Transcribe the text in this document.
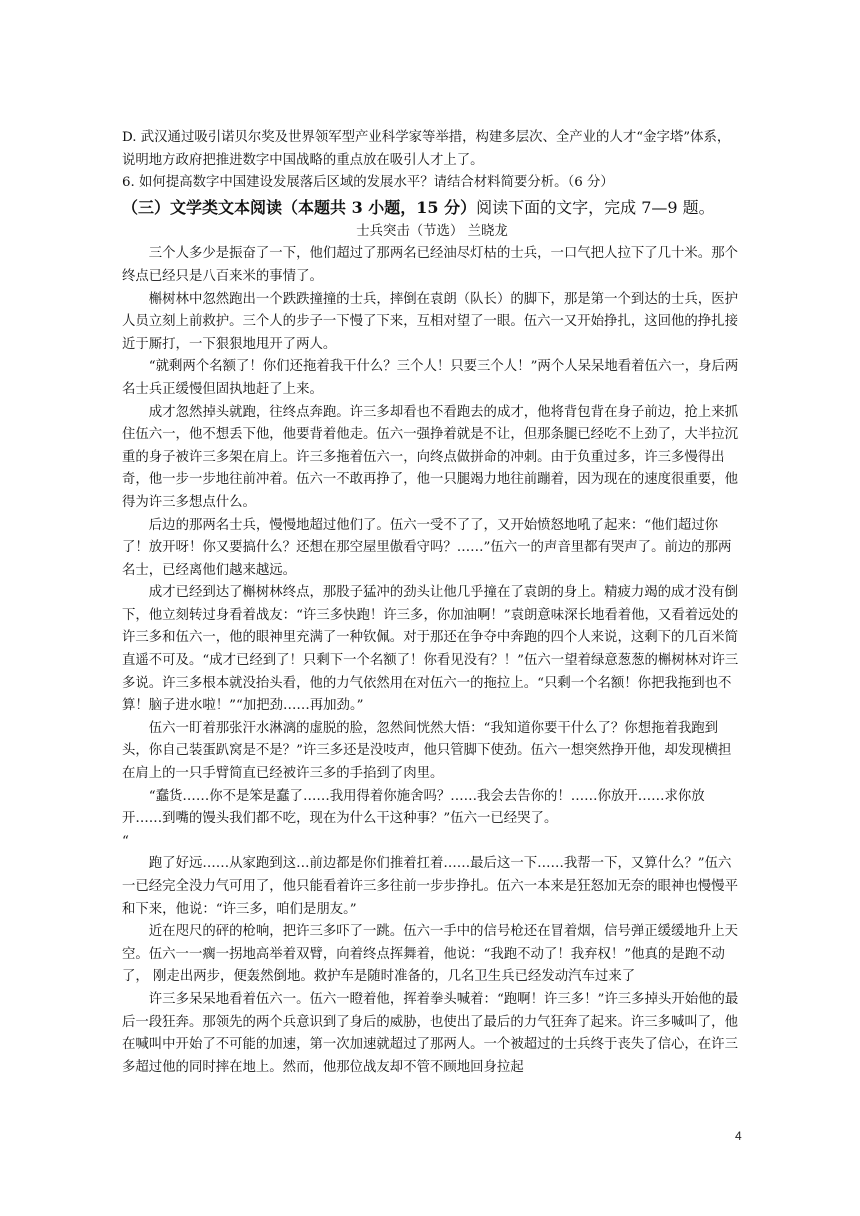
D. 武汉通过吸引诺贝尔奖及世界领军型产业科学家等举措，构建多层次、全产业的人才“金字塔”体系，说明地方政府把推进数字中国战略的重点放在吸引人才上了。

6. 如何提高数字中国建设发展落后区域的发展水平？请结合材料简要分析。（6 分）

（三）文学类文本阅读（本题共 3 小题，15 分）阅读下面的文字，完成 7—9 题。

士兵突击（节选） 兰晓龙

三个人多少是振奋了一下，他们超过了那两名已经油尽灯枯的士兵，一口气把人拉下了几十米。那个 终点已经只是八百来米的事情了。

槲树林中忽然跑出一个跌跌撞撞的士兵，摔倒在袁朗（队长）的脚下，那是第一个到达的士兵，医护人员立刻上前救护。三个人的步子一下慢了下来，互相对望了一眼。伍六一又开始挣扎，这回他的挣扎接近于厮打，一下狠狠地甩开了两人。

“就剩两个名额了！你们还拖着我干什么？三个人！只要三个人！”两个人呆呆地看着伍六一，身后两名士兵正缓慢但固执地赶了上来。

成才忽然掉头就跑，往终点奔跑。许三多却看也不看跑去的成才，他将背包背在身子前边，抢上来抓住伍六一，他不想丢下他，他要背着他走。伍六一强挣着就是不让，但那条腿已经吃不上劲了，大半拉沉重的身子被许三多架在肩上。许三多拖着伍六一，向终点做拼命的冲刺。由于负重过多，许三多慢得出奇，他一步一步地往前冲着。伍六一不敢再挣了，他一只腿竭力地往前蹦着，因为现在的速度很重要，他得为许三多想点什么。

后边的那两名士兵，慢慢地超过他们了。伍六一受不了了，又开始愤怒地吼了起来：“他们超过你了！放开呀！你又要搞什么？还想在那空屋里傲看守吗？……”伍六一的声音里都有哭声了。前边的那两名士，已经离他们越来越远。

成才已经到达了槲树林终点，那股子猛冲的劲头让他几乎撞在了袁朗的身上。精疲力竭的成才没有倒下，他立刻转过身看着战友：“许三多快跑！许三多，你加油啊！”袁朗意味深长地看着他，又看着远处的许三多和伍六一，他的眼神里充满了一种钦佩。对于那还在争夺中奔跑的四个人来说，这剩下的几百米简直遥不可及。“成才已经到了！只剩下一个名额了！你看见没有？！”伍六一望着绿意葱葱的槲树林对许三多说。许三多根本就没抬头看，他的力气依然用在对伍六一的拖拉上。“只剩一个名额！你把我拖到也不算！脑子进水啦！”“加把劲……再加劲。”

伍六一盯着那张汗水淋漓的虚脱的脸，忽然间恍然大悟：“我知道你要干什么了？你想拖着我跑到头，你自己装蛋趴窝是不是？”许三多还是没吱声，他只管脚下使劲。伍六一想突然挣开他，却发现横担在肩上的一只手臂简直已经被许三多的手掐到了肉里。

“蠢货……你不是笨是蠢了……我用得着你施舍吗？……我会去告你的！……你放开……求你放开……到嘴的馒头我们都不吃，现在为什么干这种事？”伍六一已经哭了。

“

跑了好远……从家跑到这…前边都是你们推着扛着……最后这一下……我帮一下，又算什么？”伍六一已经完全没力气可用了，他只能看着许三多往前一步步挣扎。伍六一本来是狂怒加无奈的眼神也慢慢平和下来，他说：“许三多，咱们是朋友。”

近在咫尺的砰的枪响，把许三多吓了一跳。伍六一手中的信号枪还在冒着烟，信号弹正缓缓地升上天空。伍六一一瘸一拐地高举着双臂，向着终点挥舞着，他说：“我跑不动了！我弃权！”他真的是跑不动了， 刚走出两步，便轰然倒地。救护车是随时准备的，几名卫生兵已经发动汽车过来了

许三多呆呆地看着伍六一。伍六一瞪着他，挥着拳头喊着：“跑啊！许三多！”许三多掉头开始他的最后一段狂奔。那领先的两个兵意识到了身后的威胁，也使出了最后的力气狂奔了起来。许三多喊叫了，他在喊叫中开始了不可能的加速，第一次加速就超过了那两人。一个被超过的士兵终于丧失了信心，在许三多超过他的同时摔在地上。然而，他那位战友却不管不顾地回身拉起

4
